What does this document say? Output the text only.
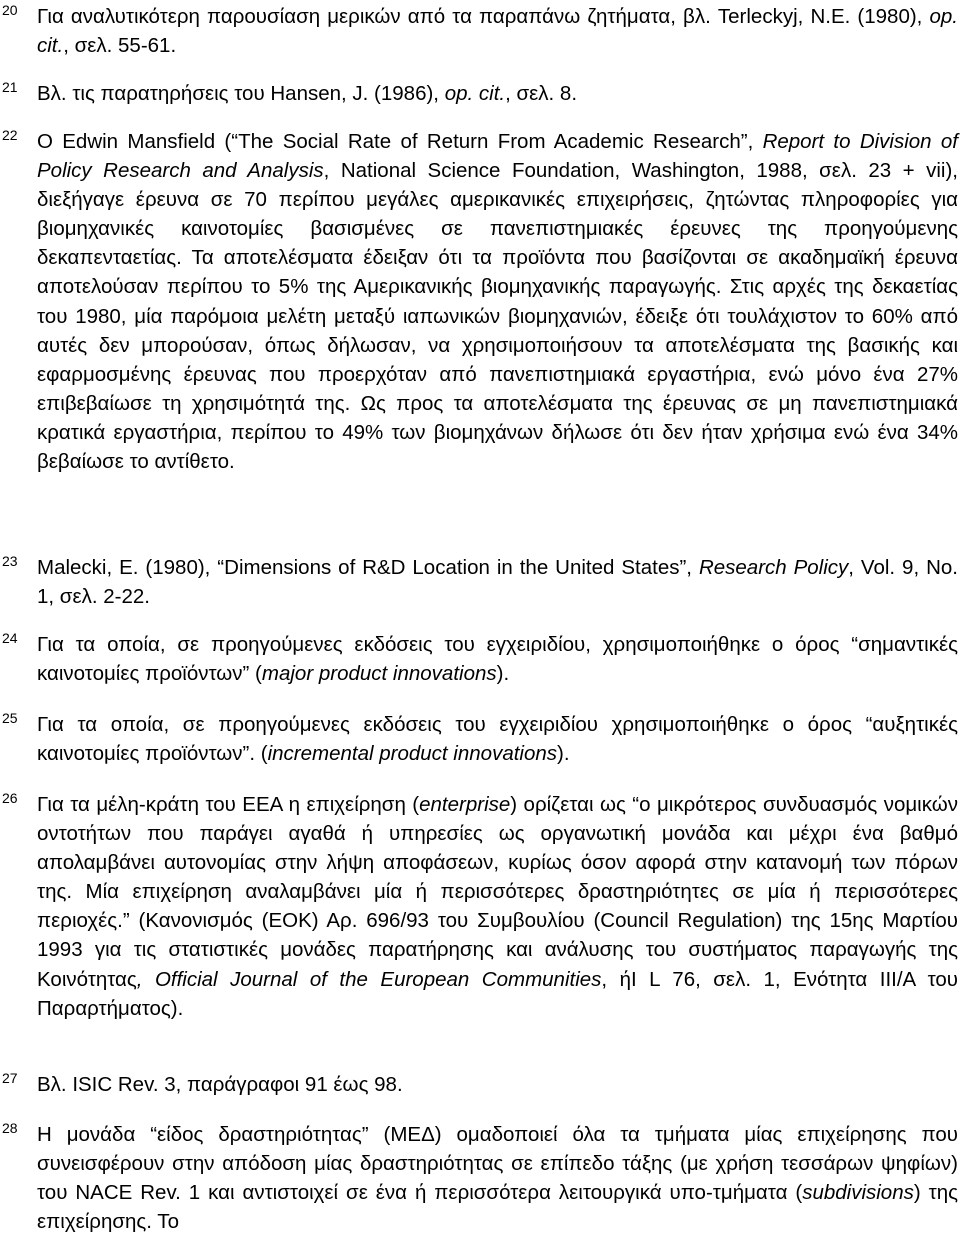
20 Για αναλυτικότερη παρουσίαση μερικών από τα παραπάνω ζητήματα, βλ. Terleckyj, N.E. (1980), op. cit., σελ. 55-61.

21 Βλ. τις παρατηρήσεις του Hansen, J. (1986), op. cit., σελ. 8.

22 O Edwin Mansfield (“The Social Rate of Return From Academic Research”, Report to Division of Policy Research and Analysis, National Science Foundation, Washington, 1988, σελ. 23 + vii), διεξήγαγε έρευνα σε 70 περίπου μεγάλες αμερικανικές επιχειρήσεις, ζητώντας πληροφορίες για βιομηχανικές καινοτομίες βασισμένες σε πανεπιστημιακές έρευνες της προηγούμενης δεκαπενταετίας. Τα αποτελέσματα έδειξαν ότι τα προϊόντα που βασίζονται σε ακαδημαϊκή έρευνα αποτελούσαν περίπου το 5% της Αμερικανικής βιομηχανικής παραγωγής. Στις αρχές της δεκαετίας του 1980, μία παρόμοια μελέτη μεταξύ ιαπωνικών βιομηχανιών, έδειξε ότι τουλάχιστον το 60% από αυτές δεν μπορούσαν, όπως δήλωσαν, να χρησιμοποιήσουν τα αποτελέσματα της βασικής και εφαρμοσμένης έρευνας που προερχόταν από πανεπιστημιακά εργαστήρια, ενώ μόνο ένα 27% επιβεβαίωσε τη χρησιμότητά της. Ως προς τα αποτελέσματα της έρευνας σε μη πανεπιστημιακά κρατικά εργαστήρια, περίπου το 49% των βιομηχάνων δήλωσε ότι δεν ήταν χρήσιμα ενώ ένα 34% βεβαίωσε το αντίθετο.

23 Malecki, E. (1980), “Dimensions of R&D Location in the United States”, Research Policy, Vol. 9, No. 1, σελ. 2-22.

24 Για τα οποία, σε προηγούμενες εκδόσεις του εγχειριδίου, χρησιμοποιήθηκε ο όρος “σημαντικές καινοτομίες προϊόντων” (major product innovations).

25 Για τα οποία, σε προηγούμενες εκδόσεις του εγχειριδίου χρησιμοποιήθηκε ο όρος “αυξητικές καινοτομίες προϊόντων”. (incremental product innovations).

26 Για τα μέλη-κράτη του ΕΕΑ η επιχείρηση (enterprise) ορίζεται ως “ο μικρότερος συνδυασμός νομικών οντοτήτων που παράγει αγαθά ή υπηρεσίες ως οργανωτική μονάδα και μέχρι ένα βαθμό απολαμβάνει αυτονομίας στην λήψη αποφάσεων, κυρίως όσον αφορά στην κατανομή των πόρων της. Μία επιχείρηση αναλαμβάνει μία ή περισσότερες δραστηριότητες σε μία ή περισσότερες περιοχές.” (Κανονισμός (ΕΟΚ) Αρ. 696/93 του Συμβουλίου (Council Regulation) της 15ης Μαρτίου 1993 για τις στατιστικές μονάδες παρατήρησης και ανάλυσης του συστήματος παραγωγής της Κοινότητας, Official Journal of the European Communities, ήΙ L 76, σελ. 1, Ενότητα III/A του Παραρτήματος).

27 Βλ. ISIC Rev. 3, παράγραφοι 91 έως 98.

28 Η μονάδα “είδος δραστηριότητας” (ΜΕΔ) ομαδοποιεί όλα τα τμήματα μίας επιχείρησης που συνεισφέρουν στην απόδοση μίας δραστηριότητας σε επίπεδο τάξης (με χρήση τεσσάρων ψηφίων) του NACE Rev. 1 και αντιστοιχεί σε ένα ή περισσότερα λειτουργικά υπο-τμήματα (subdivisions) της επιχείρησης. Το
